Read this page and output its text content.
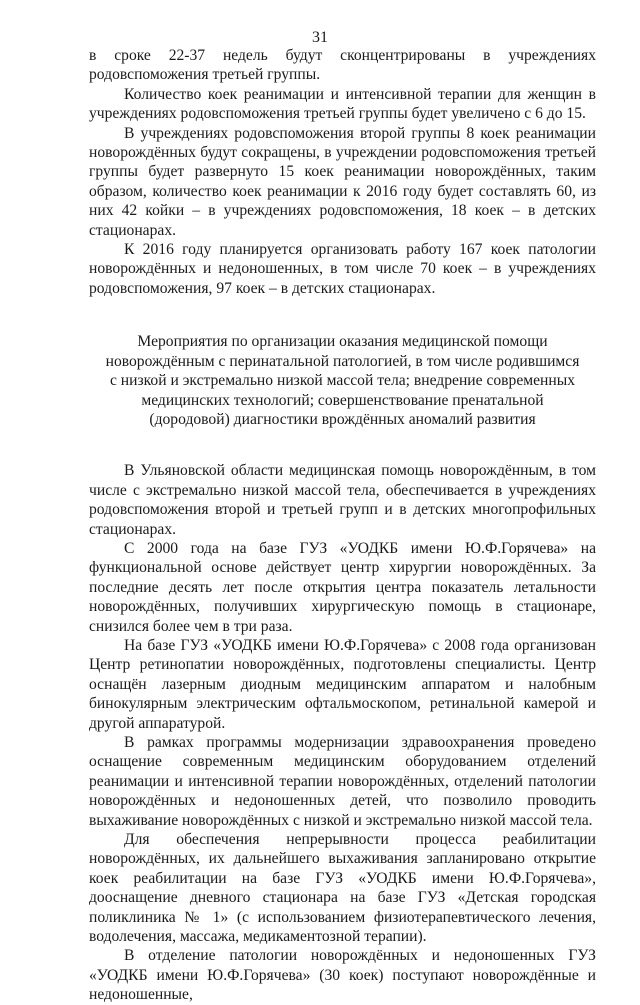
31

в сроке 22-37 недель будут сконцентрированы в учреждениях родовспоможения третьей группы.

Количество коек реанимации и интенсивной терапии для женщин в учреждениях родовспоможения третьей группы будет увеличено с 6 до 15.

В учреждениях родовспоможения второй группы 8 коек реанимации новорождённых будут сокращены, в учреждении родовспоможения третьей группы будет развернуто 15 коек реанимации новорождённых, таким образом, количество коек реанимации к 2016 году будет составлять 60, из них 42 койки – в учреждениях родовспоможения, 18 коек – в детских стационарах.

К 2016 году планируется организовать работу 167 коек патологии новорождённых и недоношенных, в том числе 70 коек – в учреждениях родовспоможения, 97 коек – в детских стационарах.

Мероприятия по организации оказания медицинской помощи
новорождённым с перинатальной патологией, в том числе родившимся
с низкой и экстремально низкой массой тела; внедрение современных
медицинских технологий; совершенствование пренатальной
(дородовой) диагностики врождённых аномалий развития

В Ульяновской области медицинская помощь новорождённым, в том числе с экстремально низкой массой тела, обеспечивается в учреждениях родовспоможения второй и третьей групп и в детских многопрофильных стационарах.

С 2000 года на базе ГУЗ «УОДКБ имени Ю.Ф.Горячева» на функциональной основе действует центр хирургии новорождённых. За последние десять лет после открытия центра показатель летальности новорождённых, получивших хирургическую помощь в стационаре, снизился более чем в три раза.

На базе ГУЗ «УОДКБ имени Ю.Ф.Горячева» с 2008 года организован Центр ретинопатии новорождённых, подготовлены специалисты. Центр оснащён лазерным диодным медицинским аппаратом и налобным бинокулярным электрическим офтальмоскопом, ретинальной камерой и другой аппаратурой.

В рамках программы модернизации здравоохранения проведено оснащение современным медицинским оборудованием отделений реанимации и интенсивной терапии новорождённых, отделений патологии новорождённых и недоношенных детей, что позволило проводить выхаживание новорождённых с низкой и экстремально низкой массой тела.

Для обеспечения непрерывности процесса реабилитации новорождённых, их дальнейшего выхаживания запланировано открытие коек реабилитации на базе ГУЗ «УОДКБ имени Ю.Ф.Горячева», дооснащение дневного стационара на базе ГУЗ «Детская городская поликлиника № 1» (с использованием физиотерапевтического лечения, водолечения, массажа, медикаментозной терапии).

В отделение патологии новорождённых и недоношенных ГУЗ «УОДКБ имени Ю.Ф.Горячева» (30 коек) поступают новорождённые и недоношенные,
